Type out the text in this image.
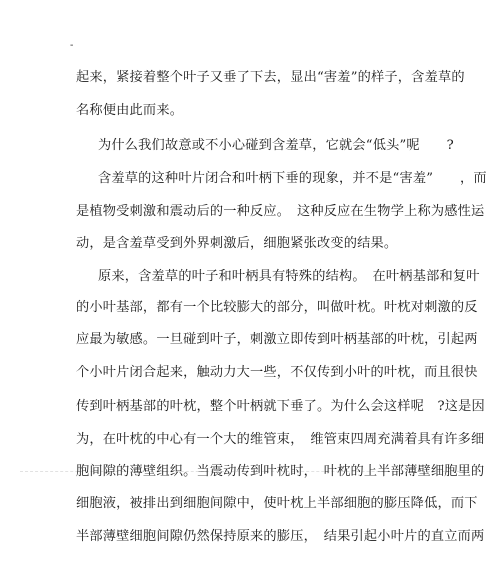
-
起来，紧接着整个叶子又垂了下去，显出“害羞”的样子，含羞草的
名称便由此而来。
为什么我们故意或不小心碰到含羞草，它就会“低头”呢　　?
含羞草的这种叶片闭合和叶柄下垂的现象，并不是“害羞”　　，而
是植物受刺激和震动后的一种反应。　这种反应在生物学上称为感性运
动，是含羞草受到外界刺激后，细胞紧张改变的结果。
原来，含羞草的叶子和叶柄具有特殊的结构。　在叶柄基部和复叶
的小叶基部，都有一个比较膨大的部分，叫做叶枕。叶枕对刺激的反
应最为敏感。一旦碰到叶子，刺激立即传到叶柄基部的叶枕，引起两
个小叶片闭合起来，触动力大一些，不仅传到小叶的叶枕，而且很快
传到叶柄基部的叶枕，整个叶柄就下垂了。为什么会这样呢　?这是因
为，在叶枕的中心有一个大的维管束，　维管束四周充满着具有许多细
胞间隙的薄壁组织。当震动传到叶枕时，　叶枕的上半部薄壁细胞里的
细胞液，被排出到细胞间隙中，使叶枕上半部细胞的膨压降低，而下
半部薄壁细胞间隙仍然保持原来的膨压，　结果引起小叶片的直立而两
